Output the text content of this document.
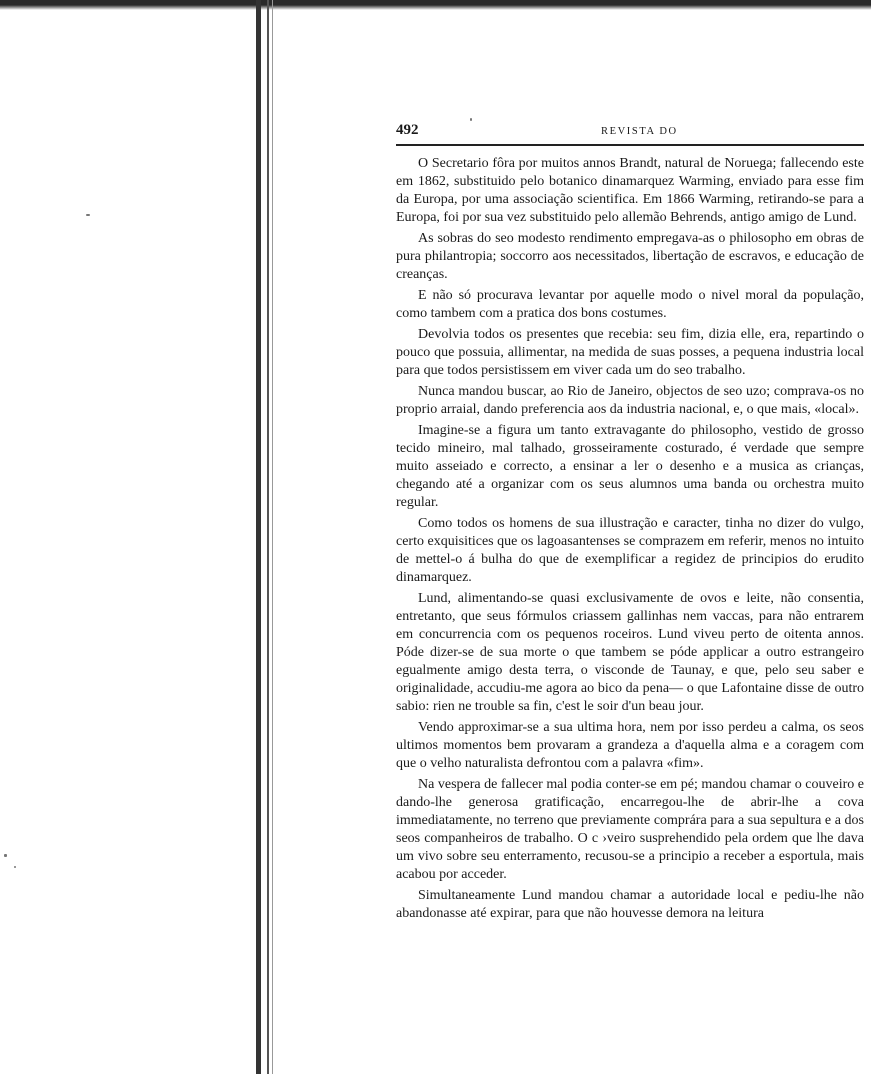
492	REVISTA DO

O Secretario fôra por muitos annos Brandt, natural de Noruega; fallecendo este em 1862, substituido pelo botanico dinamarquez Warming, enviado para esse fim da Europa, por uma associação scientifica. Em 1866 Warming, retirando-se para a Europa, foi por sua vez substituido pelo allemão Behrends, antigo amigo de Lund.

As sobras do seo modesto rendimento empregava-as o philosopho em obras de pura philantropia; soccorro aos necessitados, libertação de escravos, e educação de creanças.

E não só procurava levantar por aquelle modo o nivel moral da população, como tambem com a pratica dos bons costumes.

Devolvia todos os presentes que recebia: seu fim, dizia elle, era, repartindo o pouco que possuia, allimentar, na medida de suas posses, a pequena industria local para que todos persistissem em viver cada um do seo trabalho.

Nunca mandou buscar, ao Rio de Janeiro, objectos de seo uzo; comprava-os no proprio arraial, dando preferencia aos da industria nacional, e, o que mais, «local».

Imagine-se a figura um tanto extravagante do philosopho, vestido de grosso tecido mineiro, mal talhado, grosseiramente costurado, é verdade que sempre muito asseiado e correcto, a ensinar a ler o desenho e a musica as crianças, chegando até a organizar com os seus alumnos uma banda ou orchestra muito regular.

Como todos os homens de sua illustração e caracter, tinha no dizer do vulgo, certo exquisitices que os lagoasantenses se comprazem em referir, menos no intuito de mettel-o á bulha do que de exemplificar a regidez de principios do erudito dinamarquez.

Lund, alimentando-se quasi exclusivamente de ovos e leite, não consentia, entretanto, que seus fórmulos criassem gallinhas nem vaccas, para não entrarem em concurrencia com os pequenos roceiros. Lund viveu perto de oitenta annos. Póde dizer-se de sua morte o que tambem se póde applicar a outro estrangeiro egualmente amigo desta terra, o visconde de Taunay, e que, pelo seu saber e originalidade, accudiu-me agora ao bico da pena— o que Lafontaine disse de outro sabio: rien ne trouble sa fin, c'est le soir d'un beau jour.

Vendo approximar-se a sua ultima hora, nem por isso perdeu a calma, os seos ultimos momentos bem provaram a grandeza a d'aquella alma e a coragem com que o velho naturalista defrontou com a palavra «fim».

Na vespera de fallecer mal podia conter-se em pé; mandou chamar o couveiro e dando-lhe generosa gratificação, encarregou-lhe de abrir-lhe a cova immediatamente, no terreno que previamente comprára para a sua sepultura e a dos seos companheiros de trabalho. O c ›veiro susprehendido pela ordem que lhe dava um vivo sobre seu enterramento, recusou-se a principio a receber a esportula, mais acabou por acceder.

Simultaneamente Lund mandou chamar a autoridade local e pediu-lhe não abandonasse até expirar, para que não houvesse demora na leitura
